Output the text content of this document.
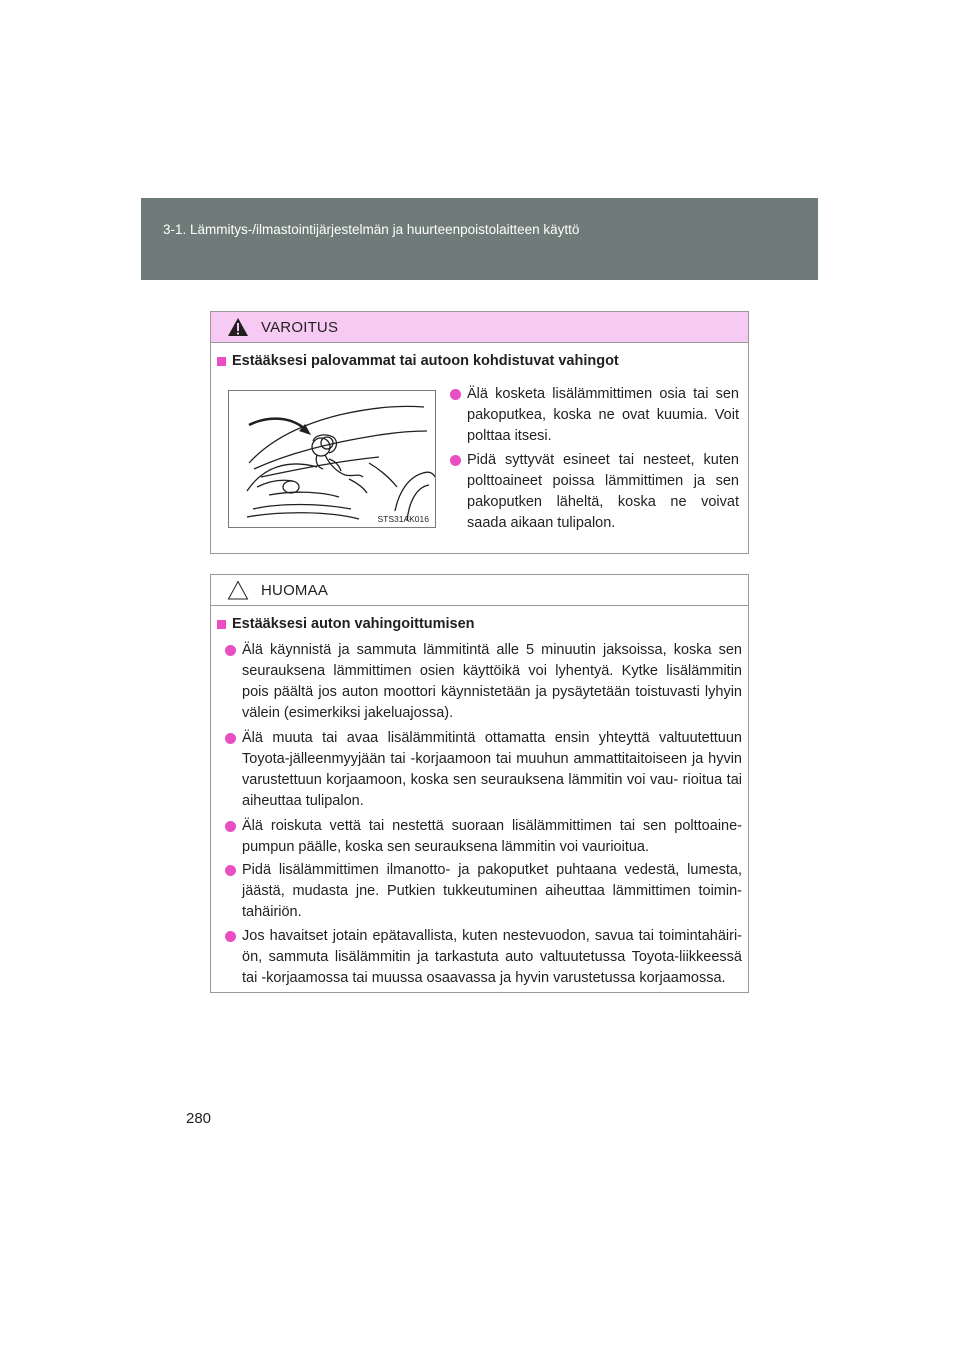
3-1. Lämmitys-/ilmastointijärjestelmän ja huurteenpoistolaitteen käyttö
VAROITUS
Estääksesi palovammat tai autoon kohdistuvat vahingot
STS31AK016
Älä kosketa lisälämmittimen osia tai sen pakoputkea, koska ne ovat kuumia. Voit polttaa itsesi.
Pidä syttyvät esineet tai nesteet, kuten polttoaineet poissa lämmittimen ja sen pakoputken läheltä, koska ne voivat saada aikaan tulipalon.
HUOMAA
Estääksesi auton vahingoittumisen
Älä käynnistä ja sammuta lämmitintä alle 5 minuutin jaksoissa, koska sen seurauksena lämmittimen osien käyttöikä voi lyhentyä. Kytke lisälämmitin pois päältä jos auton moottori käynnistetään ja pysäytetään toistuvasti lyhyin välein (esimerkiksi jakeluajossa).
Älä muuta tai avaa lisälämmitintä ottamatta ensin yhteyttä valtuutettuun Toyota-jälleenmyyjään tai -korjaamoon tai muuhun ammattitaitoiseen ja hyvin varustettuun korjaamoon, koska sen seurauksena lämmitin voi vau- rioitua tai aiheuttaa tulipalon.
Älä roiskuta vettä tai nestettä suoraan lisälämmittimen tai sen polttoaine- pumpun päälle, koska sen seurauksena lämmitin voi vaurioitua.
Pidä lisälämmittimen ilmanotto- ja pakoputket puhtaana vedestä, lumesta, jäästä, mudasta jne. Putkien tukkeutuminen aiheuttaa lämmittimen toimin- tahäiriön.
Jos havaitset jotain epätavallista, kuten nestevuodon, savua tai toimintahäiri- ön, sammuta lisälämmitin ja tarkastuta auto valtuutetussa Toyota-liikkeessä tai -korjaamossa tai muussa osaavassa ja hyvin varustetussa korjaamossa.
280
